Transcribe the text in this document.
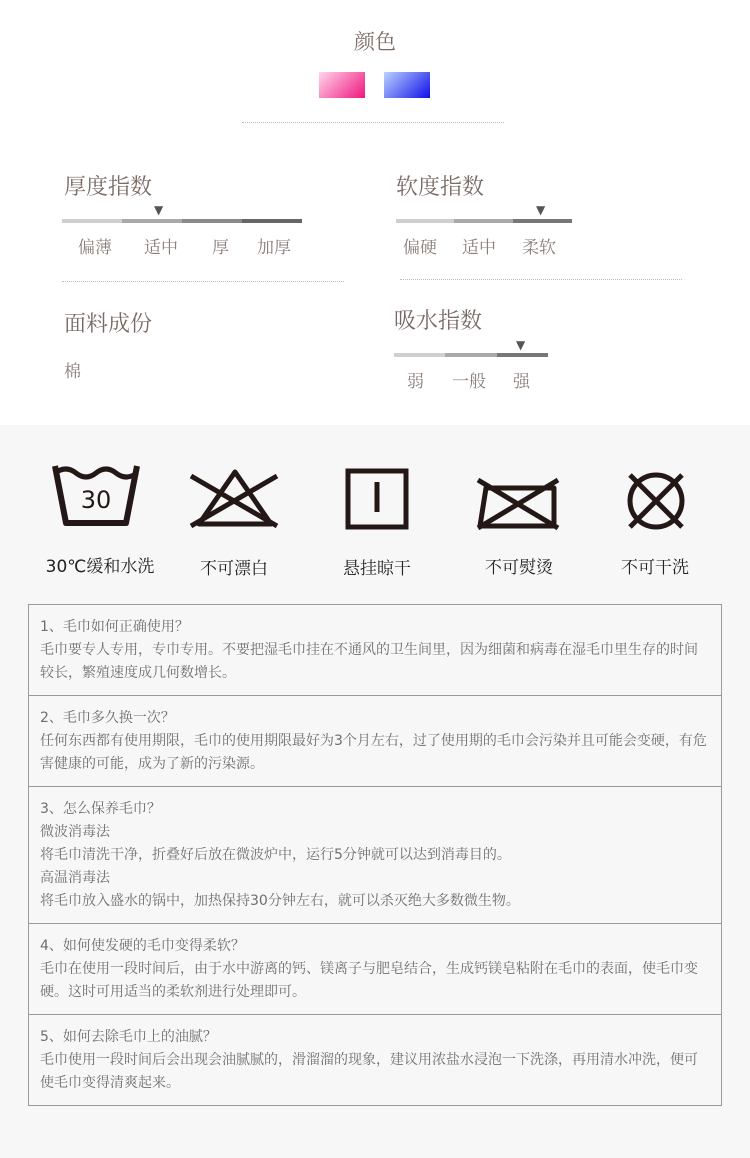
颜色
厚度指数
▼
偏薄 适中 厚 加厚
软度指数
▼
偏硬 适中 柔软
面料成份
棉
吸水指数
▼
弱 一般 强
30
30℃缓和水洗	不可漂白	悬挂晾干	不可熨烫	不可干洗

1、毛巾如何正确使用？

毛巾要专人专用，专巾专用。不要把湿毛巾挂在不通风的卫生间里，因为细菌和病毒在湿毛巾里生存的时间较长，繁殖速度成几何数增长。

2、毛巾多久换一次？

任何东西都有使用期限，毛巾的使用期限最好为3个月左右，过了使用期的毛巾会污染并且可能会变硬，有危害健康的可能，成为了新的污染源。

3、怎么保养毛巾？

微波消毒法

将毛巾清洗干净，折叠好后放在微波炉中，运行5分钟就可以达到消毒目的。

高温消毒法

将毛巾放入盛水的锅中，加热保持30分钟左右，就可以杀灭绝大多数微生物。

4、如何使发硬的毛巾变得柔软？

毛巾在使用一段时间后，由于水中游离的钙、镁离子与肥皂结合，生成钙镁皂粘附在毛巾的表面，使毛巾变硬。这时可用适当的柔软剂进行处理即可。

5、如何去除毛巾上的油腻？

毛巾使用一段时间后会出现会油腻腻的，滑溜溜的现象，建议用浓盐水浸泡一下洗涤，再用清水冲洗，便可使毛巾变得清爽起来。
